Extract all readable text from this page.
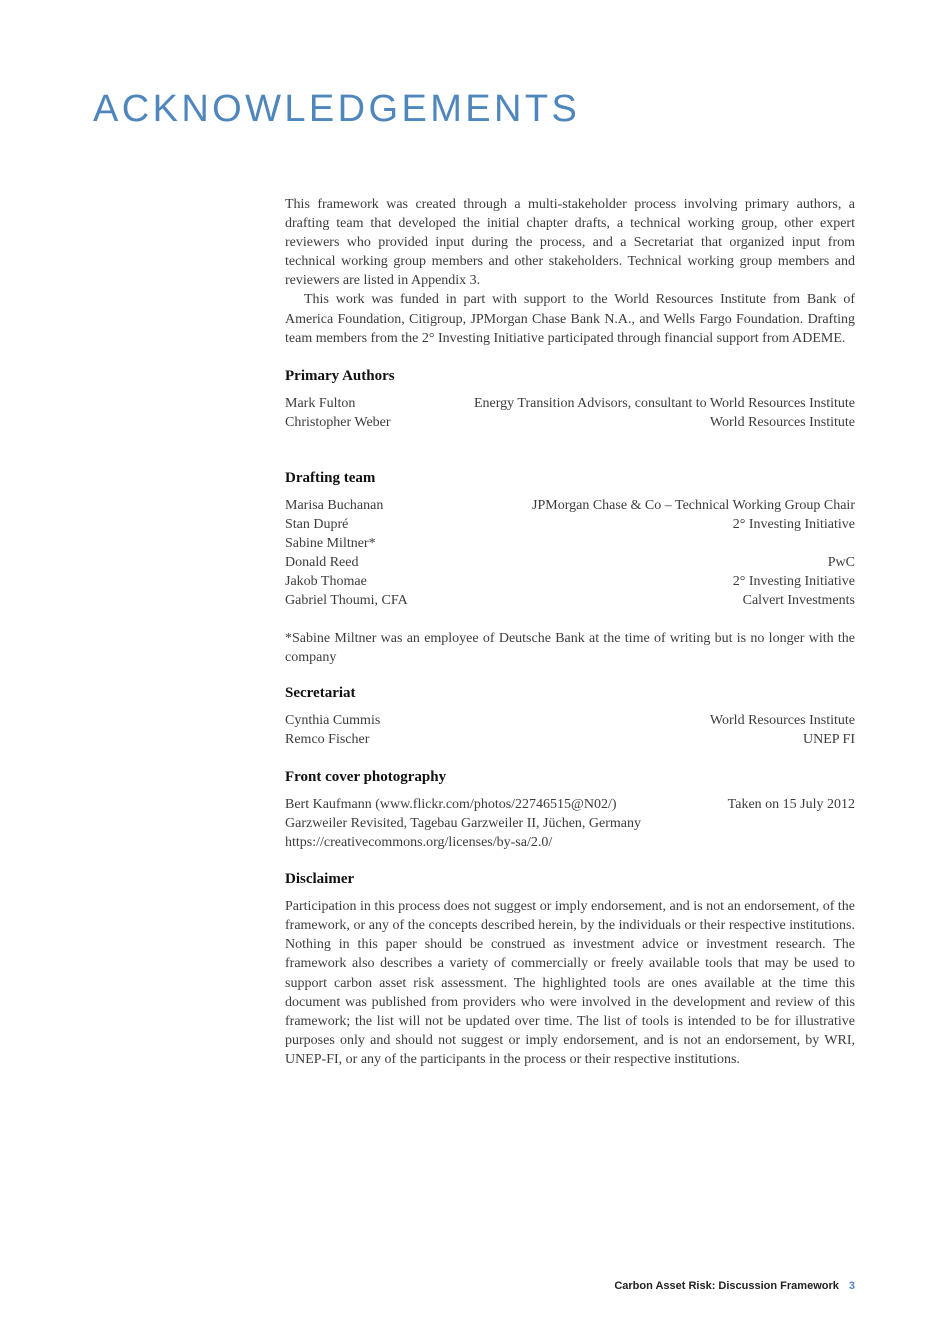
ACKNOWLEDGEMENTS

This framework was created through a multi-stakeholder process involving primary authors, a drafting team that developed the initial chapter drafts, a technical working group, other expert reviewers who provided input during the process, and a Secretariat that organized input from technical working group members and other stakeholders. Technical working group members and reviewers are listed in Appendix 3.

This work was funded in part with support to the World Resources Institute from Bank of America Foundation, Citigroup, JPMorgan Chase Bank N.A., and Wells Fargo Foundation. Drafting team members from the 2° Investing Initiative participated through financial support from ADEME.

Primary Authors
Mark Fulton	Energy Transition Advisors, consultant to World Resources Institute
Christopher Weber	World Resources Institute
Drafting team
Marisa Buchanan	JPMorgan Chase & Co – Technical Working Group Chair
Stan Dupré	2° Investing Initiative
Sabine Miltner*
Donald Reed	PwC
Jakob Thomae	2° Investing Initiative
Gabriel Thoumi, CFA	Calvert Investments

*Sabine Miltner was an employee of Deutsche Bank at the time of writing but is no longer with the company

Secretariat
Cynthia Cummis	World Resources Institute
Remco Fischer	UNEP FI
Front cover photography
Bert Kaufmann (www.flickr.com/photos/22746515@N02/)	Taken on 15 July 2012
Garzweiler Revisited, Tagebau Garzweiler II, Jüchen, Germany
https://creativecommons.org/licenses/by-sa/2.0/
Disclaimer

Participation in this process does not suggest or imply endorsement, and is not an endorsement, of the framework, or any of the concepts described herein, by the individuals or their respective institutions. Nothing in this paper should be construed as investment advice or investment research. The framework also describes a variety of commercially or freely available tools that may be used to support carbon asset risk assessment. The highlighted tools are ones available at the time this document was published from providers who were involved in the development and review of this framework; the list will not be updated over time. The list of tools is intended to be for illustrative purposes only and should not suggest or imply endorsement, and is not an endorsement, by WRI, UNEP-FI, or any of the participants in the process or their respective institutions.

Carbon Asset Risk: Discussion Framework 3
